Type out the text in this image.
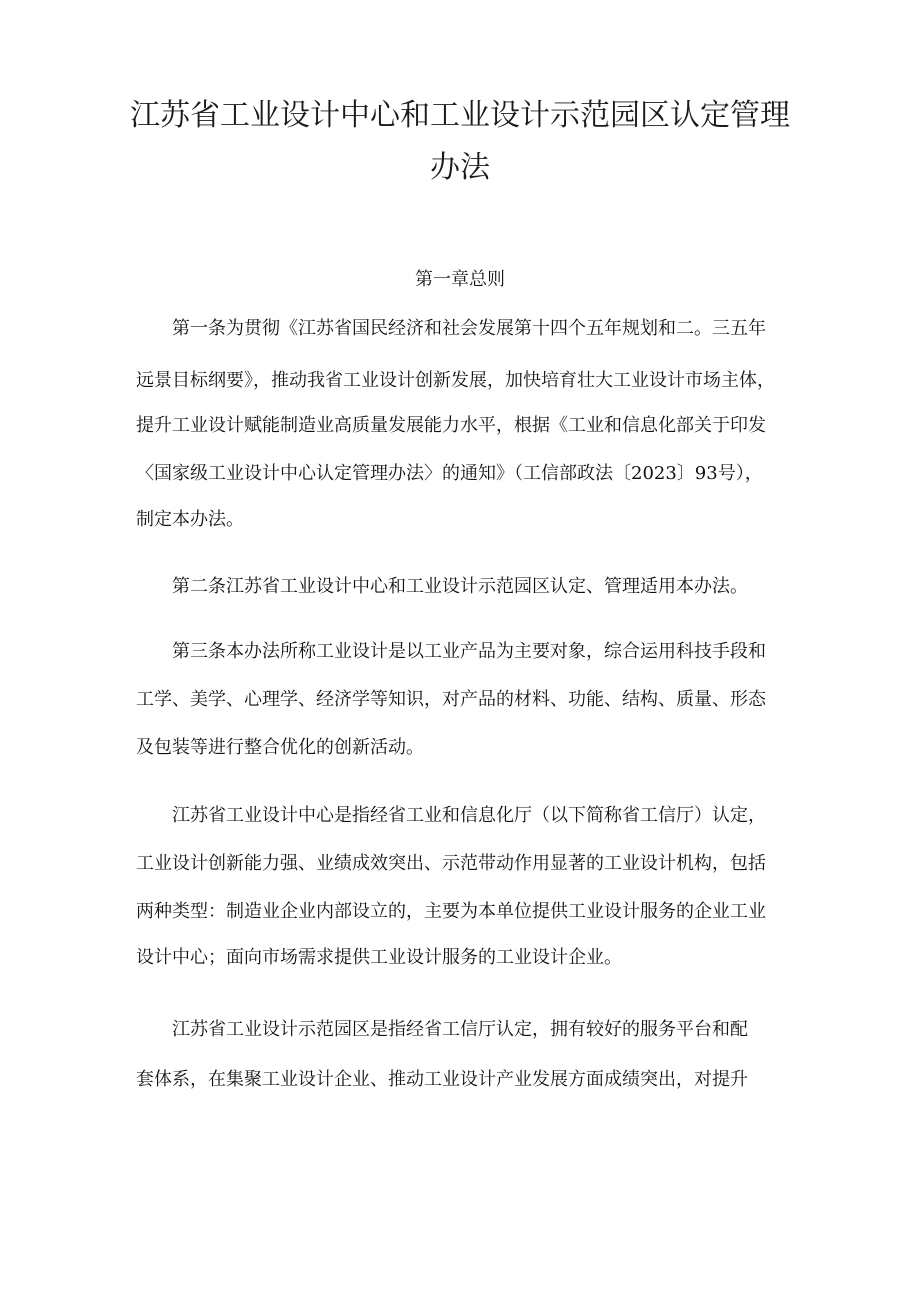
江苏省工业设计中心和工业设计示范园区认定管理
办法
第一章总则
第一条为贯彻《江苏省国民经济和社会发展第十四个五年规划和二。三五年
远景目标纲要》，推动我省工业设计创新发展，加快培育壮大工业设计市场主体，
提升工业设计赋能制造业高质量发展能力水平，根据《工业和信息化部关于印发
〈国家级工业设计中心认定管理办法〉的通知》（工信部政法〔2023〕93号），
制定本办法。
第二条江苏省工业设计中心和工业设计示范园区认定、管理适用本办法。
第三条本办法所称工业设计是以工业产品为主要对象，综合运用科技手段和
工学、美学、心理学、经济学等知识，对产品的材料、功能、结构、质量、形态
及包装等进行整合优化的创新活动。
江苏省工业设计中心是指经省工业和信息化厅（以下简称省工信厅）认定，
工业设计创新能力强、业绩成效突出、示范带动作用显著的工业设计机构，包括
两种类型：制造业企业内部设立的，主要为本单位提供工业设计服务的企业工业
设计中心；面向市场需求提供工业设计服务的工业设计企业。
江苏省工业设计示范园区是指经省工信厅认定，拥有较好的服务平台和配
套体系，在集聚工业设计企业、推动工业设计产业发展方面成绩突出，对提升
